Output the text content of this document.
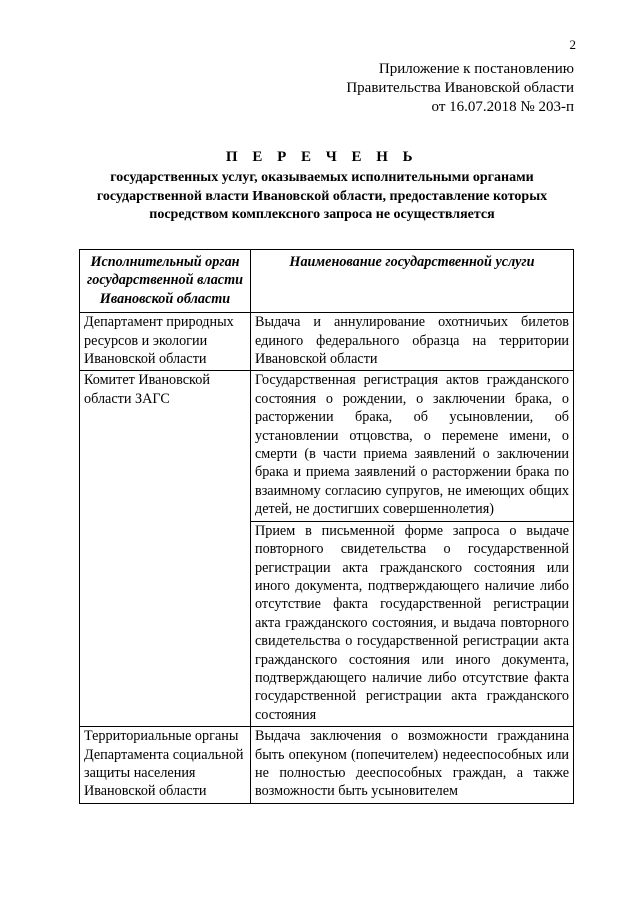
2
Приложение к постановлению
Правительства Ивановской области
от 16.07.2018 № 203-п
П Е Р Е Ч Е Н Ь
государственных услуг, оказываемых исполнительными органами государственной власти Ивановской области, предоставление которых посредством комплексного запроса не осуществляется
Исполнительный орган государственной власти Ивановской области	Наименование государственной услуги
Департамент природных ресурсов и экологии Ивановской области	Выдача и аннулирование охотничьих билетов единого федерального образца на территории Ивановской области
Комитет Ивановской области ЗАГС	Государственная регистрация актов гражданского состояния о рождении, о заключении брака, о расторжении брака, об усыновлении, об установлении отцовства, о перемене имени, о смерти (в части приема заявлений о заключении брака и приема заявлений о расторжении брака по взаимному согласию супругов, не имеющих общих детей, не достигших совершеннолетия)
	Прием в письменной форме запроса о выдаче повторного свидетельства о государственной регистрации акта гражданского состояния или иного документа, подтверждающего наличие либо отсутствие факта государственной регистрации акта гражданского состояния, и выдача повторного свидетельства о государственной регистрации акта гражданского состояния или иного документа, подтверждающего наличие либо отсутствие факта государственной регистрации акта гражданского состояния
Территориальные органы Департамента социальной защиты населения Ивановской области	Выдача заключения о возможности гражданина быть опекуном (попечителем) недееспособных или не полностью дееспособных граждан, а также возможности быть усыновителем
